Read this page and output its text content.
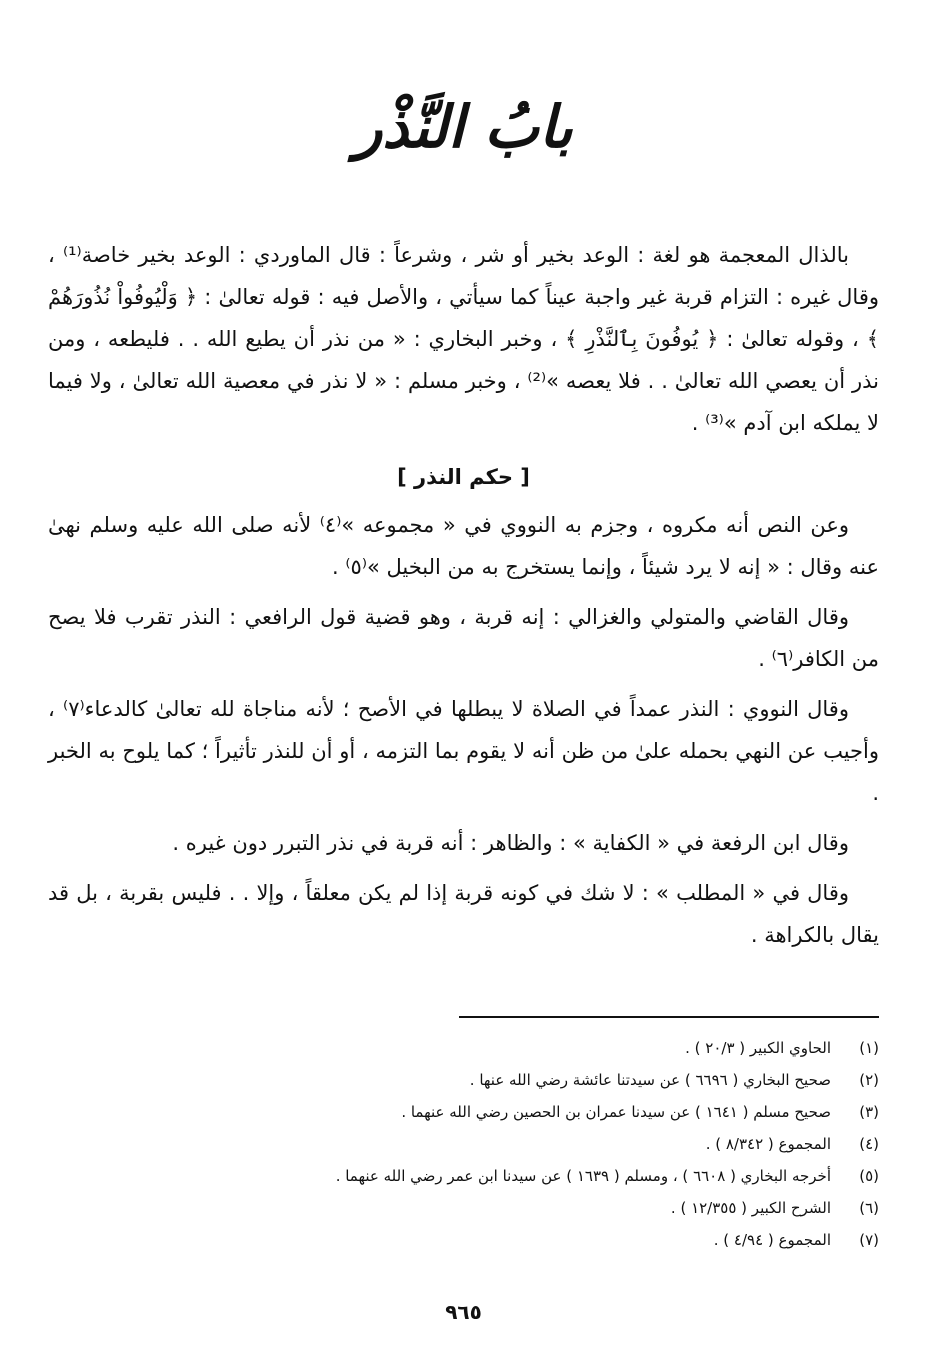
بابُ النَّذْر

بالذال المعجمة هو لغة : الوعد بخير أو شر ، وشرعاً : قال الماوردي : الوعد بخير خاصة⁽¹⁾ ، وقال غيره : التزام قربة غير واجبة عيناً كما سيأتي ، والأصل فيه : قوله تعالىٰ : ﴿ وَلْيُوفُواْ نُذُورَهُمْ ﴾ ، وقوله تعالىٰ : ﴿ يُوفُونَ بِٱلنَّذْرِ ﴾ ، وخبر البخاري : « من نذر أن يطيع الله . . فليطعه ، ومن نذر أن يعصي الله تعالىٰ . . فلا يعصه »⁽²⁾ ، وخبر مسلم : « لا نذر في معصية الله تعالىٰ ، ولا فيما لا يملكه ابن آدم »⁽³⁾ .

[ حكم النذر ]

وعن النص أنه مكروه ، وجزم به النووي في « مجموعه »⁽٤⁾ لأنه صلى الله عليه وسلم نهىٰ عنه وقال : « إنه لا يرد شيئاً ، وإنما يستخرج به من البخيل »⁽٥⁾ .

وقال القاضي والمتولي والغزالي : إنه قربة ، وهو قضية قول الرافعي : النذر تقرب فلا يصح من الكافر⁽٦⁾ .

وقال النووي : النذر عمداً في الصلاة لا يبطلها في الأصح ؛ لأنه مناجاة لله تعالىٰ كالدعاء⁽٧⁾ ، وأجيب عن النهي بحمله علىٰ من ظن أنه لا يقوم بما التزمه ، أو أن للنذر تأثيراً ؛ كما يلوح به الخبر .

وقال ابن الرفعة في « الكفاية » : والظاهر : أنه قربة في نذر التبرر دون غيره .

وقال في « المطلب » : لا شك في كونه قربة إذا لم يكن معلقاً ، وإلا . . فليس بقربة ، بل قد يقال بالكراهة .

(١)
الحاوي الكبير ( ٢٠/٣ ) .
(٢)
صحيح البخاري ( ٦٦٩٦ ) عن سيدتنا عائشة رضي الله عنها .
(٣)
صحيح مسلم ( ١٦٤١ ) عن سيدنا عمران بن الحصين رضي الله عنهما .
(٤)
المجموع ( ٨/٣٤٢ ) .
(٥)
أخرجه البخاري ( ٦٦٠٨ ) ، ومسلم ( ١٦٣٩ ) عن سيدنا ابن عمر رضي الله عنهما .
(٦)
الشرح الكبير ( ١٢/٣٥٥ ) .
(٧)
المجموع ( ٤/٩٤ ) .
٩٦٥
